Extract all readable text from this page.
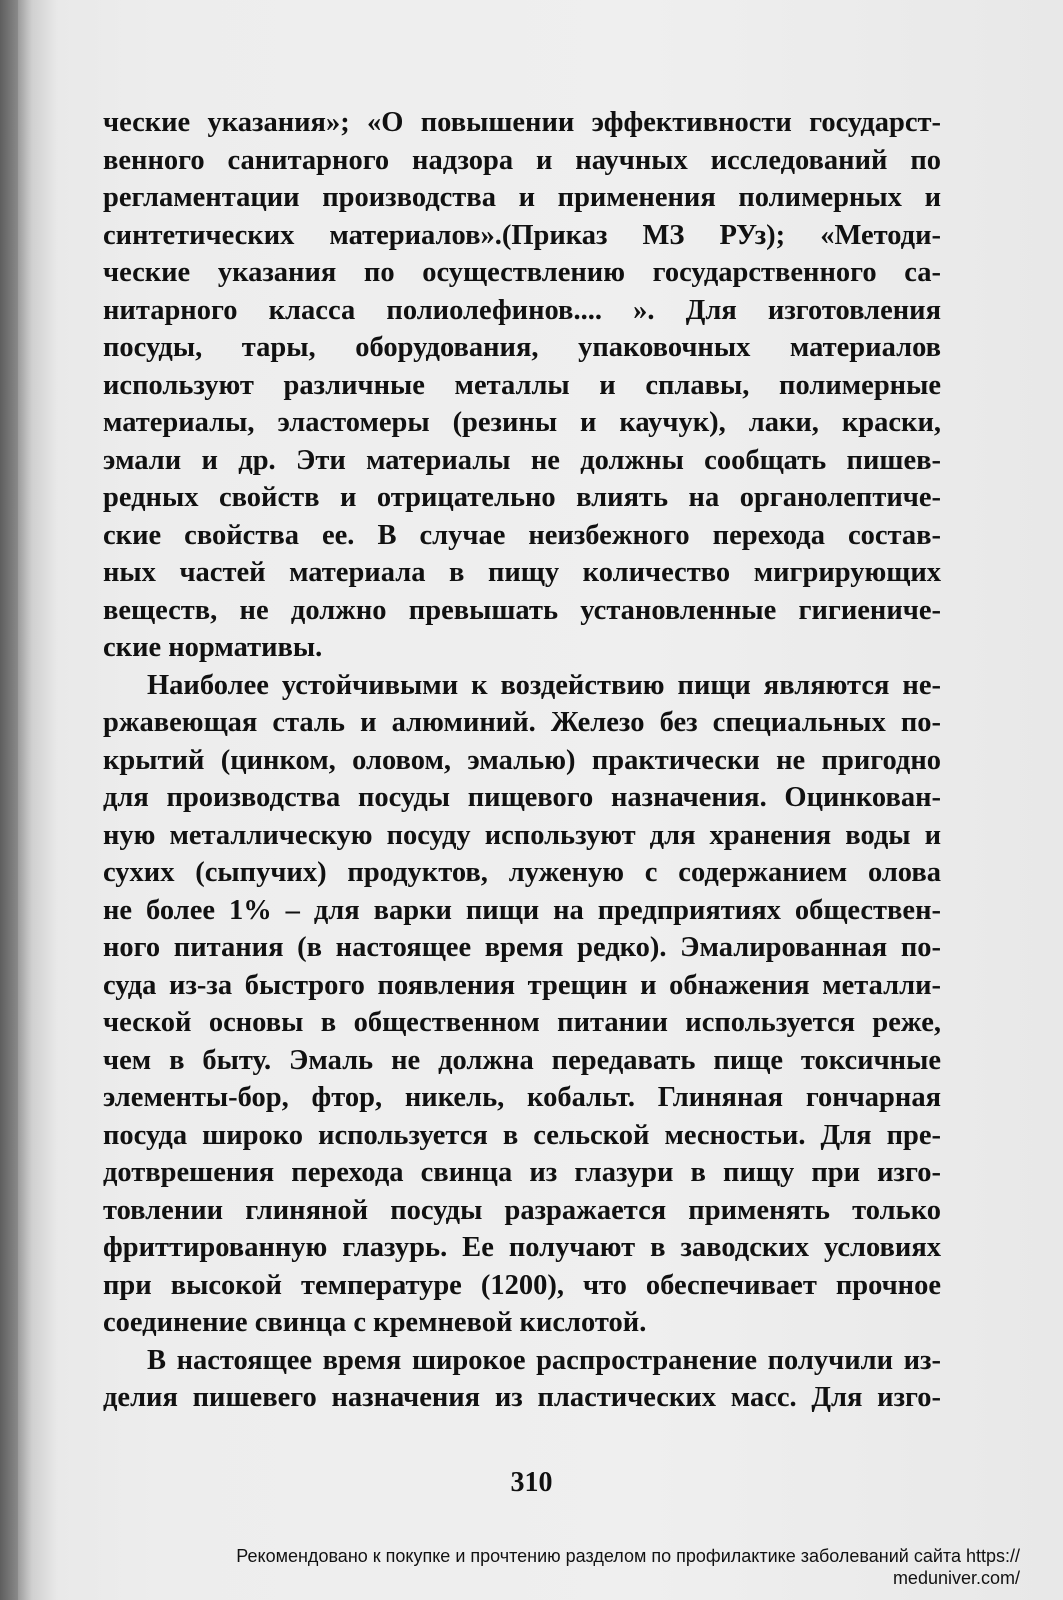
ческие указания»; «О повышении эффективности государст-
венного санитарного надзора и научных исследований по
регламентации производства и применения полимерных и
синтетических материалов».(Приказ МЗ РУз); «Методи-
ческие указания по осуществлению государственного са-
нитарного класса полиолефинов.... ». Для изготовления
посуды, тары, оборудования, упаковочных материалов
используют различные металлы и сплавы, полимерные
материалы, эластомеры (резины и каучук), лаки, краски,
эмали и др. Эти материалы не должны сообщать пишев-
редных свойств и отрицательно влиять на органолептиче-
ские свойства ее. В случае неизбежного перехода состав-
ных частей материала в пищу количество мигрирующих
веществ, не должно превышать установленные гигиениче-
ские нормативы.
Наиболее устойчивыми к воздействию пищи являются не-
ржавеющая сталь и алюминий. Железо без специальных по-
крытий (цинком, оловом, эмалью) практически не пригодно
для производства посуды пищевого назначения. Оцинкован-
ную металлическую посуду используют для хранения воды и
сухих (сыпучих) продуктов, луженую с содержанием олова
не более 1% – для варки пищи на предприятиях обществен-
ного питания (в настоящее время редко). Эмалированная по-
суда из-за быстрого появления трещин и обнажения металли-
ческой основы в общественном питании используется реже,
чем в быту. Эмаль не должна передавать пище токсичные
элементы-бор, фтор, никель, кобальт. Глиняная гончарная
посуда широко используется в сельской месностьи. Для пре-
дотврешения перехода свинца из глазури в пищу при изго-
товлении глиняной посуды разражается применять только
фриттированную глазурь. Ее получают в заводских условиях
при высокой температуре (1200), что обеспечивает прочное
соединение свинца с кремневой кислотой.
В настоящее время широкое распространение получили из-
делия пишевего назначения из пластических масс. Для изго-
310
Рекомендовано к покупке и прочтению разделом по профилактике заболеваний сайта https://
meduniver.com/
